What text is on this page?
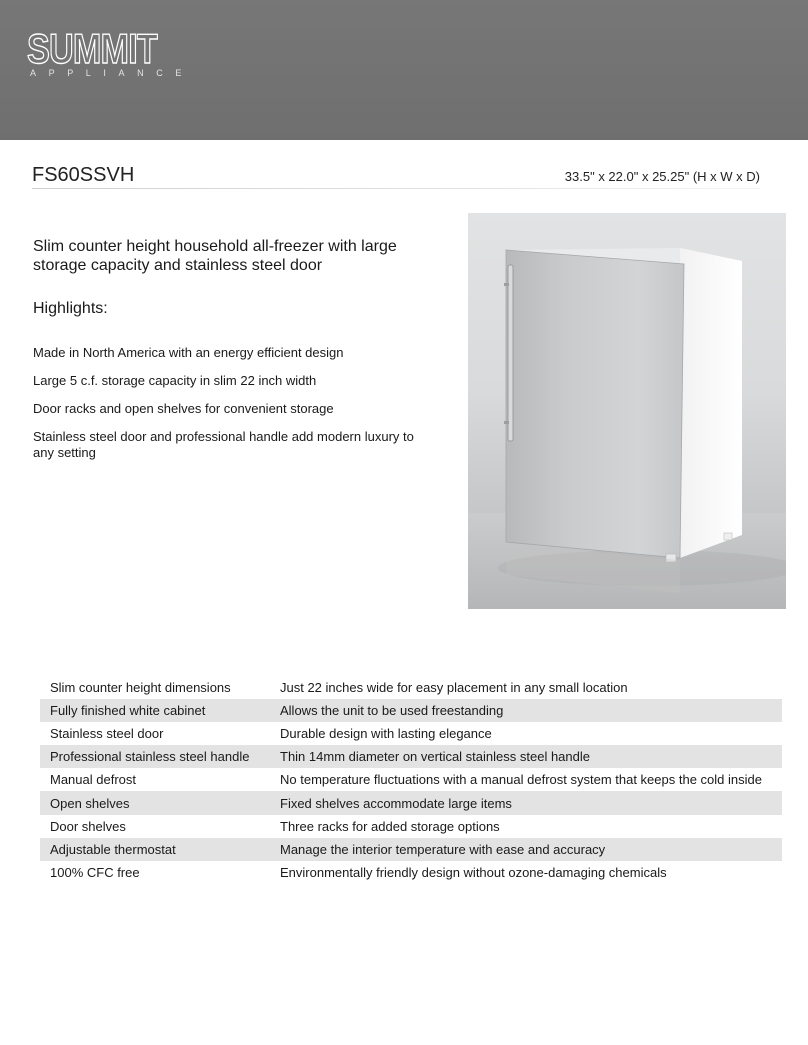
SUMMIT
APPLIANCE
FS60SSVH	33.5" x 22.0" x 25.25" (H x W x D)
Slim counter height household all-freezer with large storage capacity and stainless steel door
Highlights:
Made in North America with an energy efficient design
Large 5 c.f. storage capacity in slim 22 inch width
Door racks and open shelves for convenient storage
Stainless steel door and professional handle add modern luxury to any setting
Slim counter height dimensions	Just 22 inches wide for easy placement in any small location
Fully finished white cabinet	Allows the unit to be used freestanding
Stainless steel door	Durable design with lasting elegance
Professional stainless steel handle	Thin 14mm diameter on vertical stainless steel handle
Manual defrost	No temperature fluctuations with a manual defrost system that keeps the cold inside
Open shelves	Fixed shelves accommodate large items
Door shelves	Three racks for added storage options
Adjustable thermostat	Manage the interior temperature with ease and accuracy
100% CFC free	Environmentally friendly design without ozone-damaging chemicals
